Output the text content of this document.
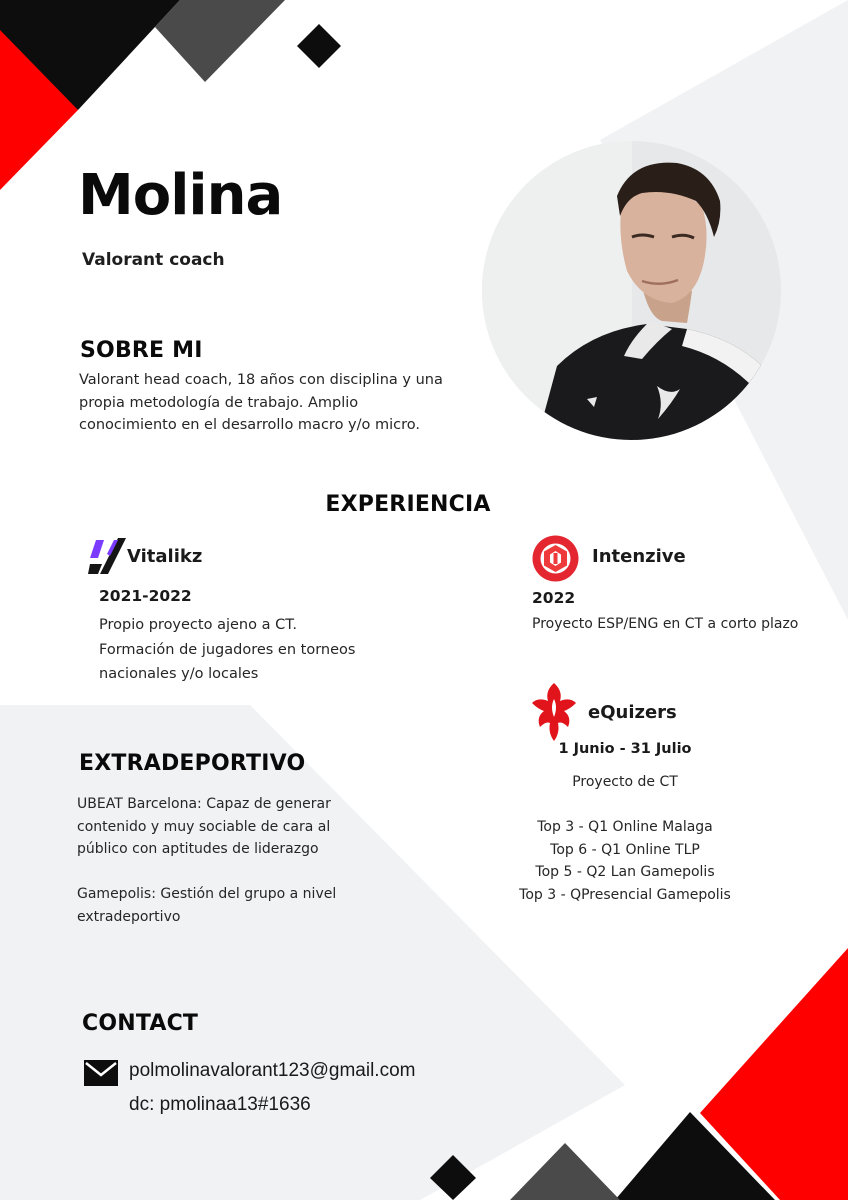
Molina
Valorant coach
SOBRE MI
Valorant head coach, 18 años con disciplina y una
propia metodología de trabajo. Amplio
conocimiento en el desarrollo macro y/o micro.
EXPERIENCIA
Vitalikz
2021-2022
Propio proyecto ajeno a CT.
Formación de jugadores en torneos
nacionales y/o locales
Intenzive
2022
Proyecto ESP/ENG en CT a corto plazo
eQuizers
1 Junio - 31 Julio
Proyecto de CT
Top 3 - Q1 Online Malaga
Top 6 - Q1 Online TLP
Top 5 - Q2 Lan Gamepolis
Top 3 - QPresencial Gamepolis
EXTRADEPORTIVO
UBEAT Barcelona: Capaz de generar
contenido y muy sociable de cara al
público con aptitudes de liderazgo
Gamepolis: Gestión del grupo a nivel
extradeportivo
CONTACT
polmolinavalorant123@gmail.com
dc: pmolinaa13#1636
